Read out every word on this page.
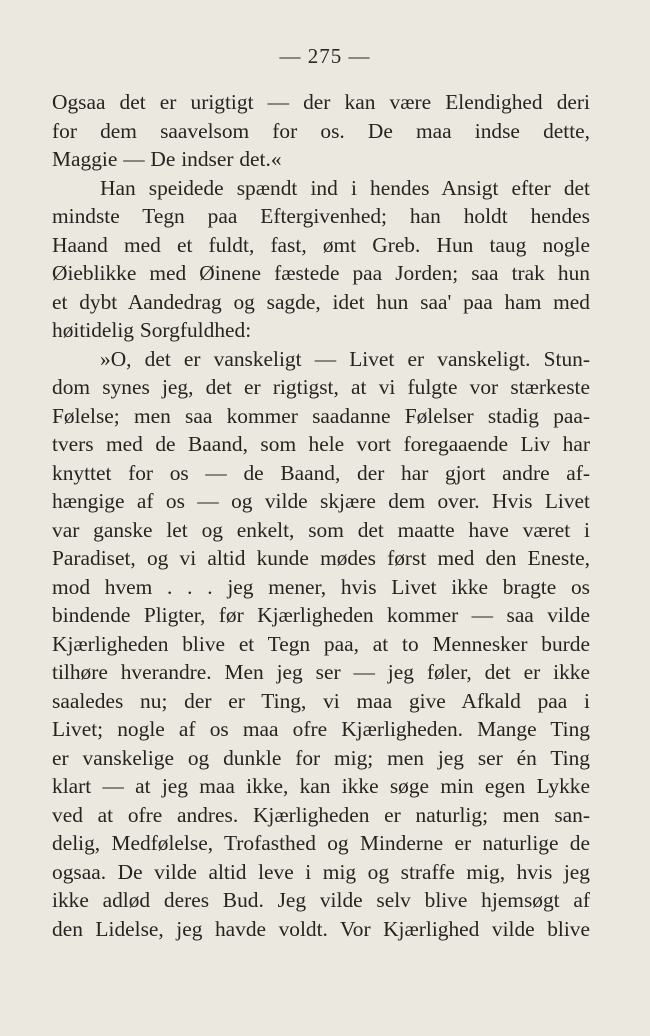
— 275 —
Ogsaa det er urigtigt — der kan være Elendighed deri
for dem saavelsom for os. De maa indse dette,
Maggie — De indser det.«
Han speidede spændt ind i hendes Ansigt efter det
mindste Tegn paa Eftergivenhed; han holdt hendes
Haand med et fuldt, fast, ømt Greb. Hun taug nogle
Øieblikke med Øinene fæstede paa Jorden; saa trak hun
et dybt Aandedrag og sagde, idet hun saa' paa ham med
høitidelig Sorgfuldhed:
»O, det er vanskeligt — Livet er vanskeligt. Stun-
dom synes jeg, det er rigtigst, at vi fulgte vor stærkeste
Følelse; men saa kommer saadanne Følelser stadig paa-
tvers med de Baand, som hele vort foregaaende Liv har
knyttet for os — de Baand, der har gjort andre af-
hængige af os — og vilde skjære dem over. Hvis Livet
var ganske let og enkelt, som det maatte have været i
Paradiset, og vi altid kunde mødes først med den Eneste,
mod hvem . . . jeg mener, hvis Livet ikke bragte os
bindende Pligter, før Kjærligheden kommer — saa vilde
Kjærligheden blive et Tegn paa, at to Mennesker burde
tilhøre hverandre. Men jeg ser — jeg føler, det er ikke
saaledes nu; der er Ting, vi maa give Afkald paa i
Livet; nogle af os maa ofre Kjærligheden. Mange Ting
er vanskelige og dunkle for mig; men jeg ser én Ting
klart — at jeg maa ikke, kan ikke søge min egen Lykke
ved at ofre andres. Kjærligheden er naturlig; men san-
delig, Medfølelse, Trofasthed og Minderne er naturlige de
ogsaa. De vilde altid leve i mig og straffe mig, hvis jeg
ikke adlød deres Bud. Jeg vilde selv blive hjemsøgt af
den Lidelse, jeg havde voldt. Vor Kjærlighed vilde blive
